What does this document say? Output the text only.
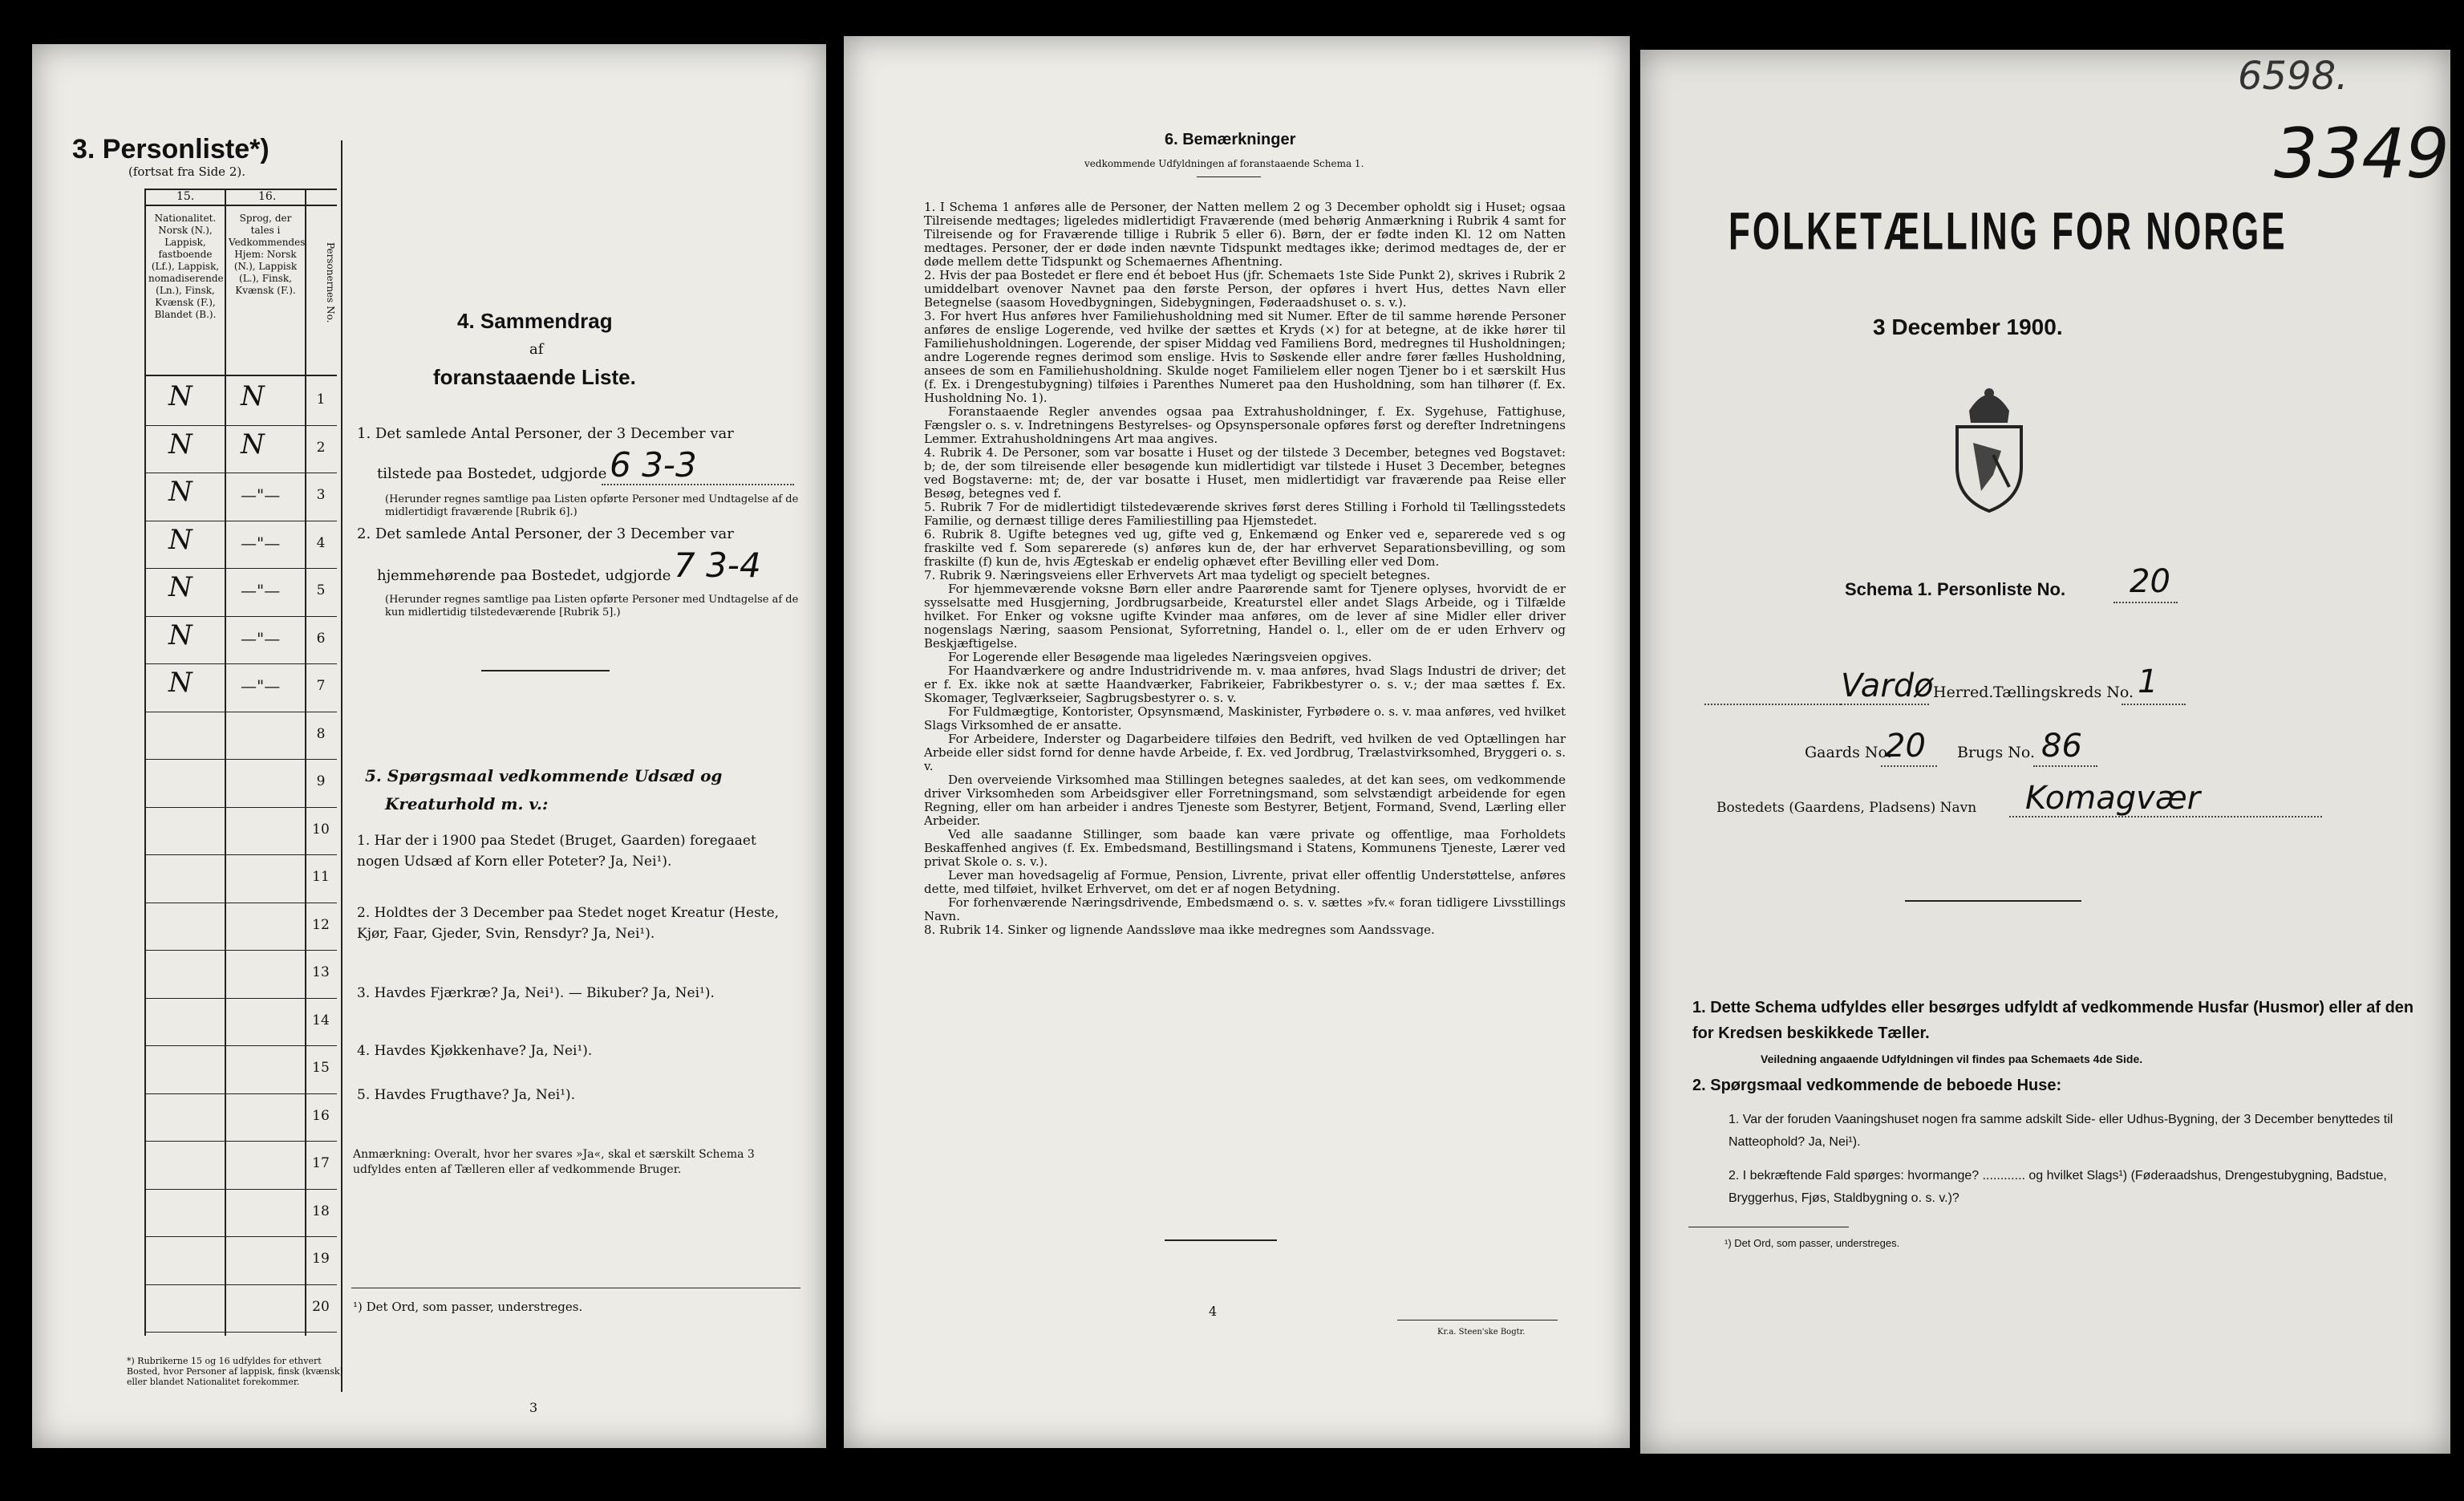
3. Personliste*)
(fortsat fra Side 2).
15.	16.
Nationalitet. Norsk (N.), Lappisk, fastboende (Lf.), Lappisk, nomadiserende (Ln.), Finsk, Kvænsk (F.), Blandet (B.).
Sprog, der tales i Vedkommendes Hjem: Norsk (N.), Lappisk (L.), Finsk, Kvænsk (F.).	Personernes No.
1
N N
2
N N
3
N	—"—
4
N	—"—
5
N	—"—
6
N	—"—
7
N	—"—
8
9
10
11
12
13
14
15
16
17
18
19
20
*) Rubrikerne 15 og 16 udfyldes for ethvert Bosted, hvor Personer af lappisk, finsk (kvænsk) eller blandet Nationalitet forekommer.
4. Sammendrag
af
foranstaaende Liste.
1. Det samlede Antal Personer, der 3 December var
tilstede paa Bostedet, udgjorde 6 3-3
(Herunder regnes samtlige paa Listen opførte Personer med Undtagelse af de midlertidigt fraværende [Rubrik 6].)
2. Det samlede Antal Personer, der 3 December var
hjemmehørende paa Bostedet, udgjorde 7 3-4
(Herunder regnes samtlige paa Listen opførte Personer med Undtagelse af de kun midlertidig tilstedeværende [Rubrik 5].)
5. Spørgsmaal vedkommende Udsæd og
Kreaturhold m. v.:
1. Har der i 1900 paa Stedet (Bruget, Gaarden) foregaaet nogen Udsæd af Korn eller Poteter? Ja, Nei¹).
2. Holdtes der 3 December paa Stedet noget Kreatur (Heste, Kjør, Faar, Gjeder, Svin, Rensdyr? Ja, Nei¹).
3. Havdes Fjærkræ? Ja, Nei¹). — Bikuber? Ja, Nei¹).
4. Havdes Kjøkkenhave? Ja, Nei¹).
5. Havdes Frugthave? Ja, Nei¹).
Anmærkning: Overalt, hvor her svares »Ja«, skal et særskilt Schema 3 udfyldes enten af Tælleren eller af vedkommende Bruger.
¹) Det Ord, som passer, understreges.
3
6. Bemærkninger
vedkommende Udfyldningen af foranstaaende Schema 1.

1. I Schema 1 anføres alle de Personer, der Natten mellem 2 og 3 December opholdt sig i Huset; ogsaa Tilreisende medtages; ligeledes midlertidigt Fraværende (med behørig Anmærkning i Rubrik 4 samt for Tilreisende og for Fraværende tillige i Rubrik 5 eller 6). Børn, der er fødte inden Kl. 12 om Natten medtages. Personer, der er døde inden nævnte Tidspunkt medtages ikke; derimod medtages de, der er døde mellem dette Tidspunkt og Schemaernes Afhentning.

2. Hvis der paa Bostedet er flere end ét beboet Hus (jfr. Schemaets 1ste Side Punkt 2), skrives i Rubrik 2 umiddelbart ovenover Navnet paa den første Person, der opføres i hvert Hus, dettes Navn eller Betegnelse (saasom Hovedbygningen, Sidebygningen, Føderaadshuset o. s. v.).

3. For hvert Hus anføres hver Familiehusholdning med sit Numer. Efter de til samme hørende Personer anføres de enslige Logerende, ved hvilke der sættes et Kryds (×) for at betegne, at de ikke hører til Familiehusholdningen. Logerende, der spiser Middag ved Familiens Bord, medregnes til Husholdningen; andre Logerende regnes derimod som enslige. Hvis to Søskende eller andre fører fælles Husholdning, ansees de som en Familiehusholdning. Skulde noget Familielem eller nogen Tjener bo i et særskilt Hus (f. Ex. i Drengestubygning) tilføies i Parenthes Numeret paa den Husholdning, som han tilhører (f. Ex. Husholdning No. 1).

Foranstaaende Regler anvendes ogsaa paa Extrahusholdninger, f. Ex. Sygehuse, Fattighuse, Fængsler o. s. v. Indretningens Bestyrelses- og Opsynspersonale opføres først og derefter Indretningens Lemmer. Extrahusholdningens Art maa angives.

4. Rubrik 4. De Personer, som var bosatte i Huset og der tilstede 3 December, betegnes ved Bogstavet: b; de, der som tilreisende eller besøgende kun midlertidigt var tilstede i Huset 3 December, betegnes ved Bogstaverne: mt; de, der var bosatte i Huset, men midlertidigt var fraværende paa Reise eller Besøg, betegnes ved f.

5. Rubrik 7 For de midlertidigt tilstedeværende skrives først deres Stilling i Forhold til Tællingsstedets Familie, og dernæst tillige deres Familiestilling paa Hjemstedet.

6. Rubrik 8. Ugifte betegnes ved ug, gifte ved g, Enkemænd og Enker ved e, separerede ved s og fraskilte ved f. Som separerede (s) anføres kun de, der har erhvervet Separationsbevilling, og som fraskilte (f) kun de, hvis Ægteskab er endelig ophævet efter Bevilling eller ved Dom.

7. Rubrik 9. Næringsveiens eller Erhvervets Art maa tydeligt og specielt betegnes.

For hjemmeværende voksne Børn eller andre Paarørende samt for Tjenere oplyses, hvorvidt de er sysselsatte med Husgjerning, Jordbrugsarbeide, Kreaturstel eller andet Slags Arbeide, og i Tilfælde hvilket. For Enker og voksne ugifte Kvinder maa anføres, om de lever af sine Midler eller driver nogenslags Næring, saasom Pensionat, Syforretning, Handel o. l., eller om de er uden Erhverv og Beskjæftigelse.

For Logerende eller Besøgende maa ligeledes Næringsveien opgives.

For Haandværkere og andre Industridrivende m. v. maa anføres, hvad Slags Industri de driver; det er f. Ex. ikke nok at sætte Haandværker, Fabrikeier, Fabrikbestyrer o. s. v.; der maa sættes f. Ex. Skomager, Teglværkseier, Sagbrugsbestyrer o. s. v.

For Fuldmægtige, Kontorister, Opsynsmænd, Maskinister, Fyrbødere o. s. v. maa anføres, ved hvilket Slags Virksomhed de er ansatte.

For Arbeidere, Inderster og Dagarbeidere tilføies den Bedrift, ved hvilken de ved Optællingen har Arbeide eller sidst fornd for denne havde Arbeide, f. Ex. ved Jordbrug, Trælastvirksomhed, Bryggeri o. s. v.

Den overveiende Virksomhed maa Stillingen betegnes saaledes, at det kan sees, om vedkommende driver Virksomheden som Arbeidsgiver eller Forretningsmand, som selvstændigt arbeidende for egen Regning, eller om han arbeider i andres Tjeneste som Bestyrer, Betjent, Formand, Svend, Lærling eller Arbeider.

Ved alle saadanne Stillinger, som baade kan være private og offentlige, maa Forholdets Beskaffenhed angives (f. Ex. Embedsmand, Bestillingsmand i Statens, Kommunens Tjeneste, Lærer ved privat Skole o. s. v.).

Lever man hovedsagelig af Formue, Pension, Livrente, privat eller offentlig Understøttelse, anføres dette, med tilføiet, hvilket Erhvervet, om det er af nogen Betydning.

For forhenværende Næringsdrivende, Embedsmænd o. s. v. sættes »fv.« foran tidligere Livsstillings Navn.

8. Rubrik 14. Sinker og lignende Aandssløve maa ikke medregnes som Aandssvage.

4
Kr.a. Steen'ske Bogtr.
6598.
3349
FOLKETÆLLING FOR NORGE
3 December 1900.
Schema 1. Personliste No. 20
Vardø Herred. Tællingskreds No. 1
Gaards No.
20 Brugs No. 86
Bostedets (Gaardens, Pladsens) Navn Komagvær
1. Dette Schema udfyldes eller besørges udfyldt af vedkommende Husfar (Husmor) eller af den for Kredsen beskikkede Tæller.
Veiledning angaaende Udfyldningen vil findes paa Schemaets 4de Side.
2. Spørgsmaal vedkommende de beboede Huse:
1. Var der foruden Vaaningshuset nogen fra samme adskilt Side- eller Udhus-Bygning, der 3 December benyttedes til Natteophold? Ja, Nei¹).
2. I bekræftende Fald spørges: hvormange? ............ og hvilket Slags¹) (Føderaadshus, Drengestubygning, Badstue, Bryggerhus, Fjøs, Staldbygning o. s. v.)?
¹) Det Ord, som passer, understreges.
